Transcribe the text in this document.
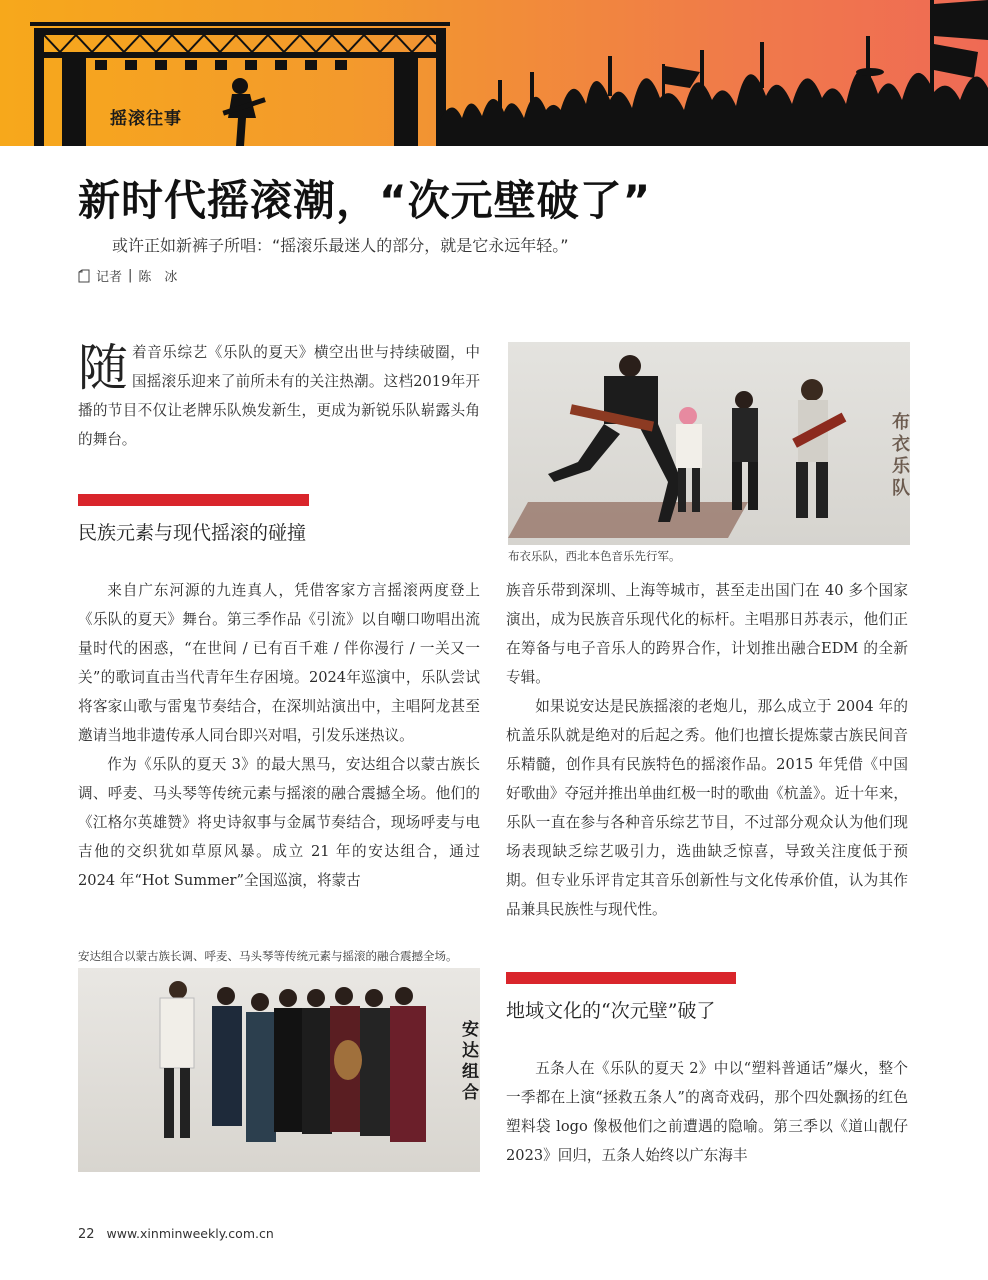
摇滚往事
新时代摇滚潮，“次元壁破了”
或许正如新裤子所唱：“摇滚乐最迷人的部分，就是它永远年轻。”
记者 | 陈　冰

随着音乐综艺《乐队的夏天》横空出世与持续破圈，中国摇滚乐迎来了前所未有的关注热潮。这档2019年开播的节目不仅让老牌乐队焕发新生，更成为新锐乐队崭露头角的舞台。

民族元素与现代摇滚的碰撞

来自广东河源的九连真人，凭借客家方言摇滚两度登上《乐队的夏天》舞台。第三季作品《引流》以自嘲口吻唱出流量时代的困惑，“在世间 / 已有百千难 / 伴你漫行 / 一关又一关”的歌词直击当代青年生存困境。2024年巡演中，乐队尝试将客家山歌与雷鬼节奏结合，在深圳站演出中，主唱阿龙甚至邀请当地非遗传承人同台即兴对唱，引发乐迷热议。

作为《乐队的夏天 3》的最大黑马，安达组合以蒙古族长调、呼麦、马头琴等传统元素与摇滚的融合震撼全场。他们的《江格尔英雄赞》将史诗叙事与金属节奏结合，现场呼麦与电吉他的交织犹如草原风暴。成立 21 年的安达组合，通过 2024 年“Hot Summer”全国巡演，将蒙古

安达组合以蒙古族长调、呼麦、马头琴等传统元素与摇滚的融合震撼全场。
安达组合
布衣乐队
布衣乐队，西北本色音乐先行军。

族音乐带到深圳、上海等城市，甚至走出国门在 40 多个国家演出，成为民族音乐现代化的标杆。主唱那日苏表示，他们正在筹备与电子音乐人的跨界合作，计划推出融合EDM 的全新专辑。

如果说安达是民族摇滚的老炮儿，那么成立于 2004 年的杭盖乐队就是绝对的后起之秀。他们也擅长提炼蒙古族民间音乐精髓，创作具有民族特色的摇滚作品。2015 年凭借《中国好歌曲》夺冠并推出单曲红极一时的歌曲《杭盖》。近十年来，乐队一直在参与各种音乐综艺节目，不过部分观众认为他们现场表现缺乏综艺吸引力，选曲缺乏惊喜，导致关注度低于预期。但专业乐评肯定其音乐创新性与文化传承价值，认为其作品兼具民族性与现代性。

地域文化的“次元壁”破了

五条人在《乐队的夏天 2》中以“塑料普通话”爆火，整个一季都在上演“拯救五条人”的离奇戏码，那个四处飘扬的红色塑料袋 logo 像极他们之前遭遇的隐喻。第三季以《道山靓仔 2023》回归，五条人始终以广东海丰

22 www.xinminweekly.com.cn
